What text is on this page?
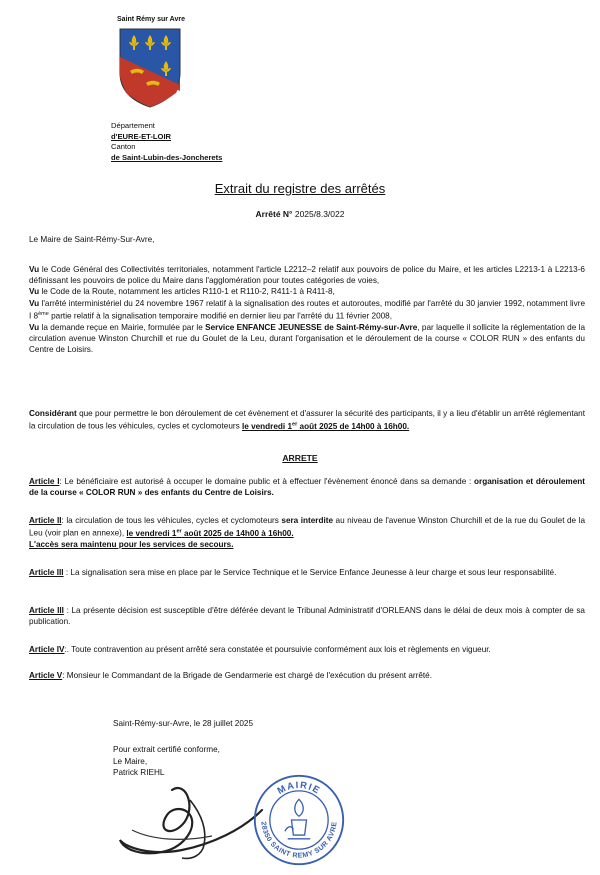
Saint Rémy sur Avre
Département
d'EURE-ET-LOIR
Canton
de Saint-Lubin-des-Joncherets
Extrait du registre des arrêtés
Arrêté N° 2025/8.3/022
Le Maire de Saint-Rémy-Sur-Avre,

Vu le Code Général des Collectivités territoriales, notamment l'article L2212–2 relatif aux pouvoirs de police du Maire, et les articles L2213-1 à L2213-6 définissant les pouvoirs de police du Maire dans l'agglomération pour toutes catégories de voies,

Vu le Code de la Route, notamment les articles R110-1 et R110-2, R411-1 à R411-8,

Vu l'arrêté interministériel du 24 novembre 1967 relatif à la signalisation des routes et autoroutes, modifié par l'arrêté du 30 janvier 1992, notamment livre I 8ème partie relatif à la signalisation temporaire modifié en dernier lieu par l'arrêté du 11 février 2008,

Vu la demande reçue en Mairie, formulée par le Service ENFANCE JEUNESSE de Saint-Rémy-sur-Avre, par laquelle il sollicite la réglementation de la circulation avenue Winston Churchill et rue du Goulet de la Leu, durant l'organisation et le déroulement de la course « COLOR RUN » des enfants du Centre de Loisirs.

Considérant que pour permettre le bon déroulement de cet évènement et d'assurer la sécurité des participants, il y a lieu d'établir un arrêté réglementant la circulation de tous les véhicules, cycles et cyclomoteurs le vendredi 1er août 2025 de 14h00 à 16h00.

ARRETE

Article I: Le bénéficiaire est autorisé à occuper le domaine public et à effectuer l'évènement énoncé dans sa demande : organisation et déroulement de la course « COLOR RUN » des enfants du Centre de Loisirs.

Article II: la circulation de tous les véhicules, cycles et cyclomoteurs sera interdite au niveau de l'avenue Winston Churchill et de la rue du Goulet de la Leu (voir plan en annexe), le vendredi 1er août 2025 de 14h00 à 16h00.

L'accès sera maintenu pour les services de secours.

Article III : La signalisation sera mise en place par le Service Technique et le Service Enfance Jeunesse à leur charge et sous leur responsabilité.

Article III : La présente décision est susceptible d'être déférée devant le Tribunal Administratif d'ORLEANS dans le délai de deux mois à compter de sa publication.

Article IV:. Toute contravention au présent arrêté sera constatée et poursuivie conformément aux lois et règlements en vigueur.

Article V: Monsieur le Commandant de la Brigade de Gendarmerie est chargé de l'exécution du présent arrêté.

Saint-Rémy-sur-Avre, le 28 juillet 2025
Pour extrait certifié conforme,
Le Maire,
Patrick RIEHL
MAIRIE
28350 SAINT REMY SUR AVRE
